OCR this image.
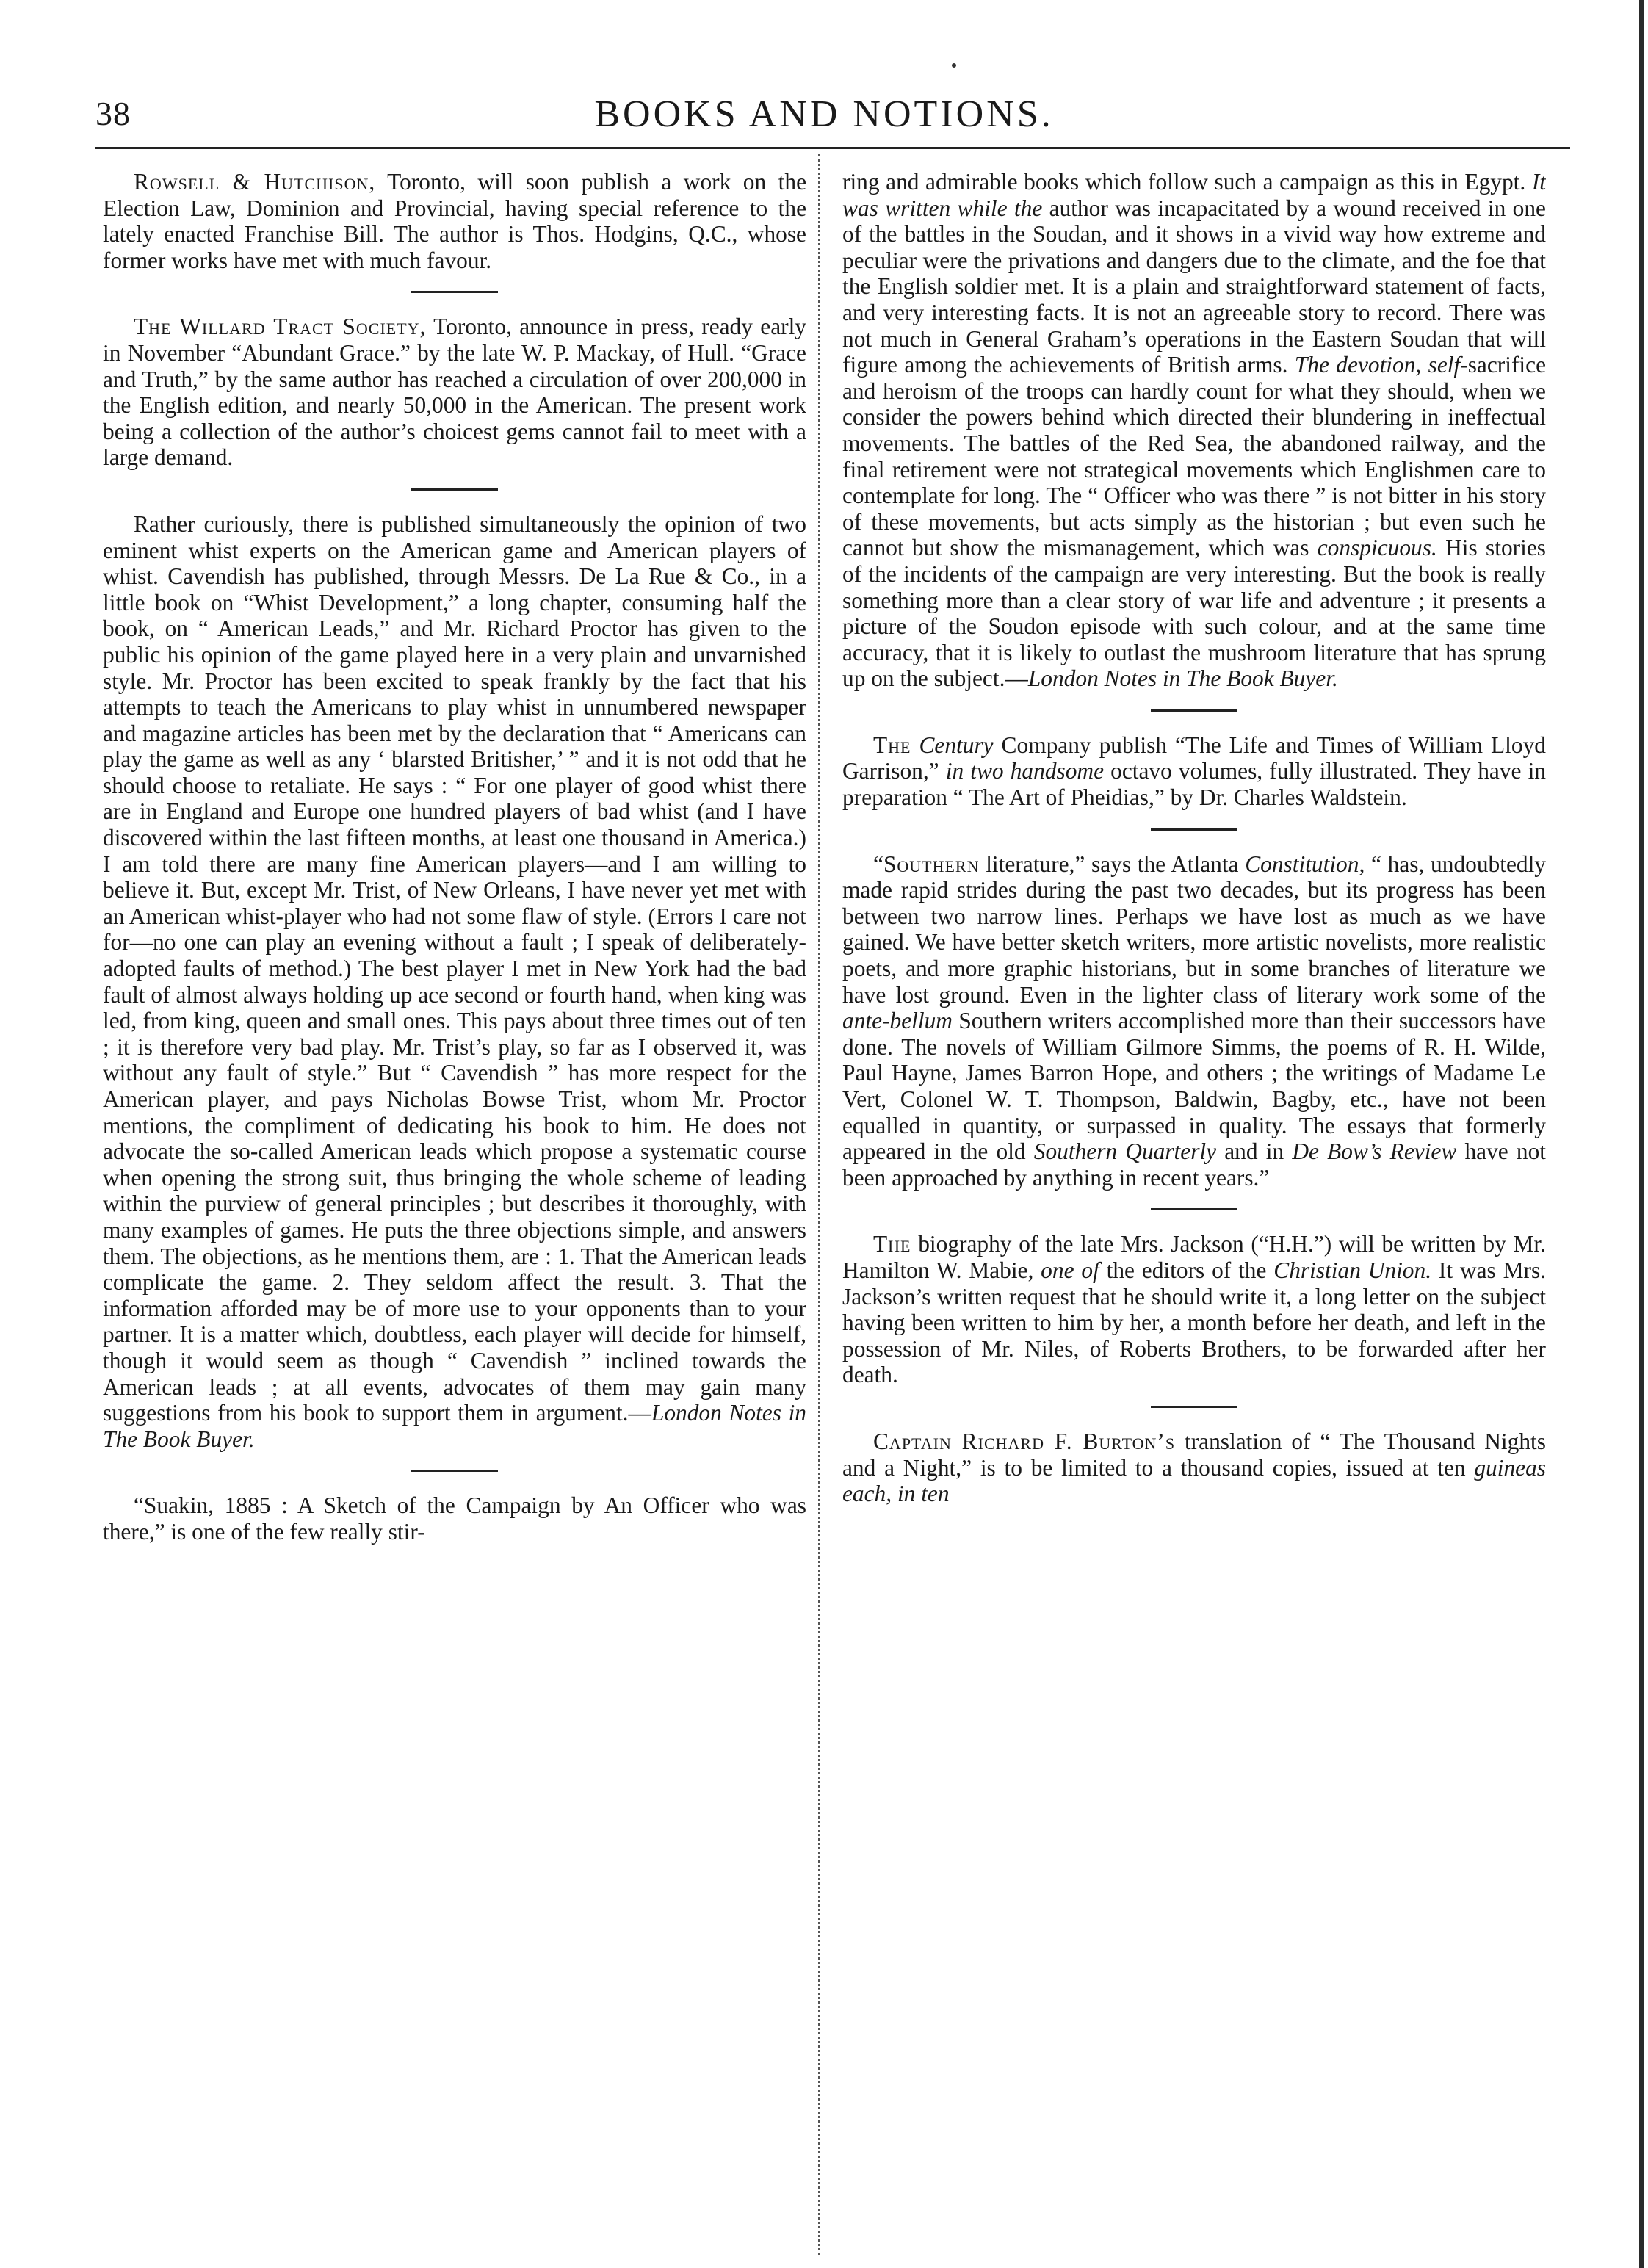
38	BOOKS AND NOTIONS.

Rowsell & Hutchison, Toronto, will soon publish a work on the Election Law, Dominion and Provincial, having special reference to the lately enacted Franchise Bill. The author is Thos. Hodgins, Q.C., whose former works have met with much favour.

The Willard Tract Society, Toronto, announce in press, ready early in November “Abundant Grace.” by the late W. P. Mackay, of Hull. “Grace and Truth,” by the same author has reached a circulation of over 200,000 in the English edition, and nearly 50,000 in the American. The present work being a collection of the author’s choicest gems cannot fail to meet with a large demand.

Rather curiously, there is published simultaneously the opinion of two eminent whist experts on the American game and American players of whist. Cavendish has published, through Messrs. De La Rue & Co., in a little book on “Whist Development,” a long chapter, consuming half the book, on “ American Leads,” and Mr. Richard Proctor has given to the public his opinion of the game played here in a very plain and unvarnished style. Mr. Proctor has been excited to speak frankly by the fact that his attempts to teach the Americans to play whist in unnumbered newspaper and magazine articles has been met by the declaration that “ Americans can play the game as well as any ‘ blarsted Britisher,’ ” and it is not odd that he should choose to retaliate. He says : “ For one player of good whist there are in England and Europe one hundred players of bad whist (and I have discovered within the last fifteen months, at least one thousand in America.) I am told there are many fine American players—and I am willing to believe it. But, except Mr. Trist, of New Orleans, I have never yet met with an American whist-player who had not some flaw of style. (Errors I care not for—no one can play an evening without a fault ; I speak of deliberately-adopted faults of method.) The best player I met in New York had the bad fault of almost always holding up ace second or fourth hand, when king was led, from king, queen and small ones. This pays about three times out of ten ; it is therefore very bad play. Mr. Trist’s play, so far as I observed it, was without any fault of style.” But “ Cavendish ” has more respect for the American player, and pays Nicholas Bowse Trist, whom Mr. Proctor mentions, the compliment of dedicating his book to him. He does not advocate the so-called American leads which propose a systematic course when opening the strong suit, thus bringing the whole scheme of leading within the purview of general principles ; but describes it thoroughly, with many examples of games. He puts the three objections simple, and answers them. The objections, as he mentions them, are : 1. That the American leads complicate the game. 2. They seldom affect the result. 3. That the information afforded may be of more use to your opponents than to your partner. It is a matter which, doubtless, each player will decide for himself, though it would seem as though “ Cavendish ” inclined towards the American leads ; at all events, advocates of them may gain many suggestions from his book to support them in argument.—London Notes in The Book Buyer.

“Suakin, 1885 : A Sketch of the Campaign by An Officer who was there,” is one of the few really stir-

ring and admirable books which follow such a campaign as this in Egypt. It was written while the author was incapacitated by a wound received in one of the battles in the Soudan, and it shows in a vivid way how extreme and peculiar were the privations and dangers due to the climate, and the foe that the English soldier met. It is a plain and straightforward statement of facts, and very interesting facts. It is not an agreeable story to record. There was not much in General Graham’s operations in the Eastern Soudan that will figure among the achievements of British arms. The devotion, self-sacrifice and heroism of the troops can hardly count for what they should, when we consider the powers behind which directed their blundering in ineffectual movements. The battles of the Red Sea, the abandoned railway, and the final retirement were not strategical movements which Englishmen care to contemplate for long. The “ Officer who was there ” is not bitter in his story of these movements, but acts simply as the historian ; but even such he cannot but show the mismanagement, which was conspicuous. His stories of the incidents of the campaign are very interesting. But the book is really something more than a clear story of war life and adventure ; it presents a picture of the Soudon episode with such colour, and at the same time accuracy, that it is likely to outlast the mushroom literature that has sprung up on the subject.—London Notes in The Book Buyer.

The Century Company publish “The Life and Times of William Lloyd Garrison,” in two handsome octavo volumes, fully illustrated. They have in preparation “ The Art of Pheidias,” by Dr. Charles Waldstein.

“Southern literature,” says the Atlanta Constitution, “ has, undoubtedly made rapid strides during the past two decades, but its progress has been between two narrow lines. Perhaps we have lost as much as we have gained. We have better sketch writers, more artistic novelists, more realistic poets, and more graphic historians, but in some branches of literature we have lost ground. Even in the lighter class of literary work some of the ante-bellum Southern writers accomplished more than their successors have done. The novels of William Gilmore Simms, the poems of R. H. Wilde, Paul Hayne, James Barron Hope, and others ; the writings of Madame Le Vert, Colonel W. T. Thompson, Baldwin, Bagby, etc., have not been equalled in quantity, or surpassed in quality. The essays that formerly appeared in the old Southern Quarterly and in De Bow’s Review have not been approached by anything in recent years.”

The biography of the late Mrs. Jackson (“H.H.”) will be written by Mr. Hamilton W. Mabie, one of the editors of the Christian Union. It was Mrs. Jackson’s written request that he should write it, a long letter on the subject having been written to him by her, a month before her death, and left in the possession of Mr. Niles, of Roberts Brothers, to be forwarded after her death.

Captain Richard F. Burton’s translation of “ The Thousand Nights and a Night,” is to be limited to a thousand copies, issued at ten guineas each, in ten
